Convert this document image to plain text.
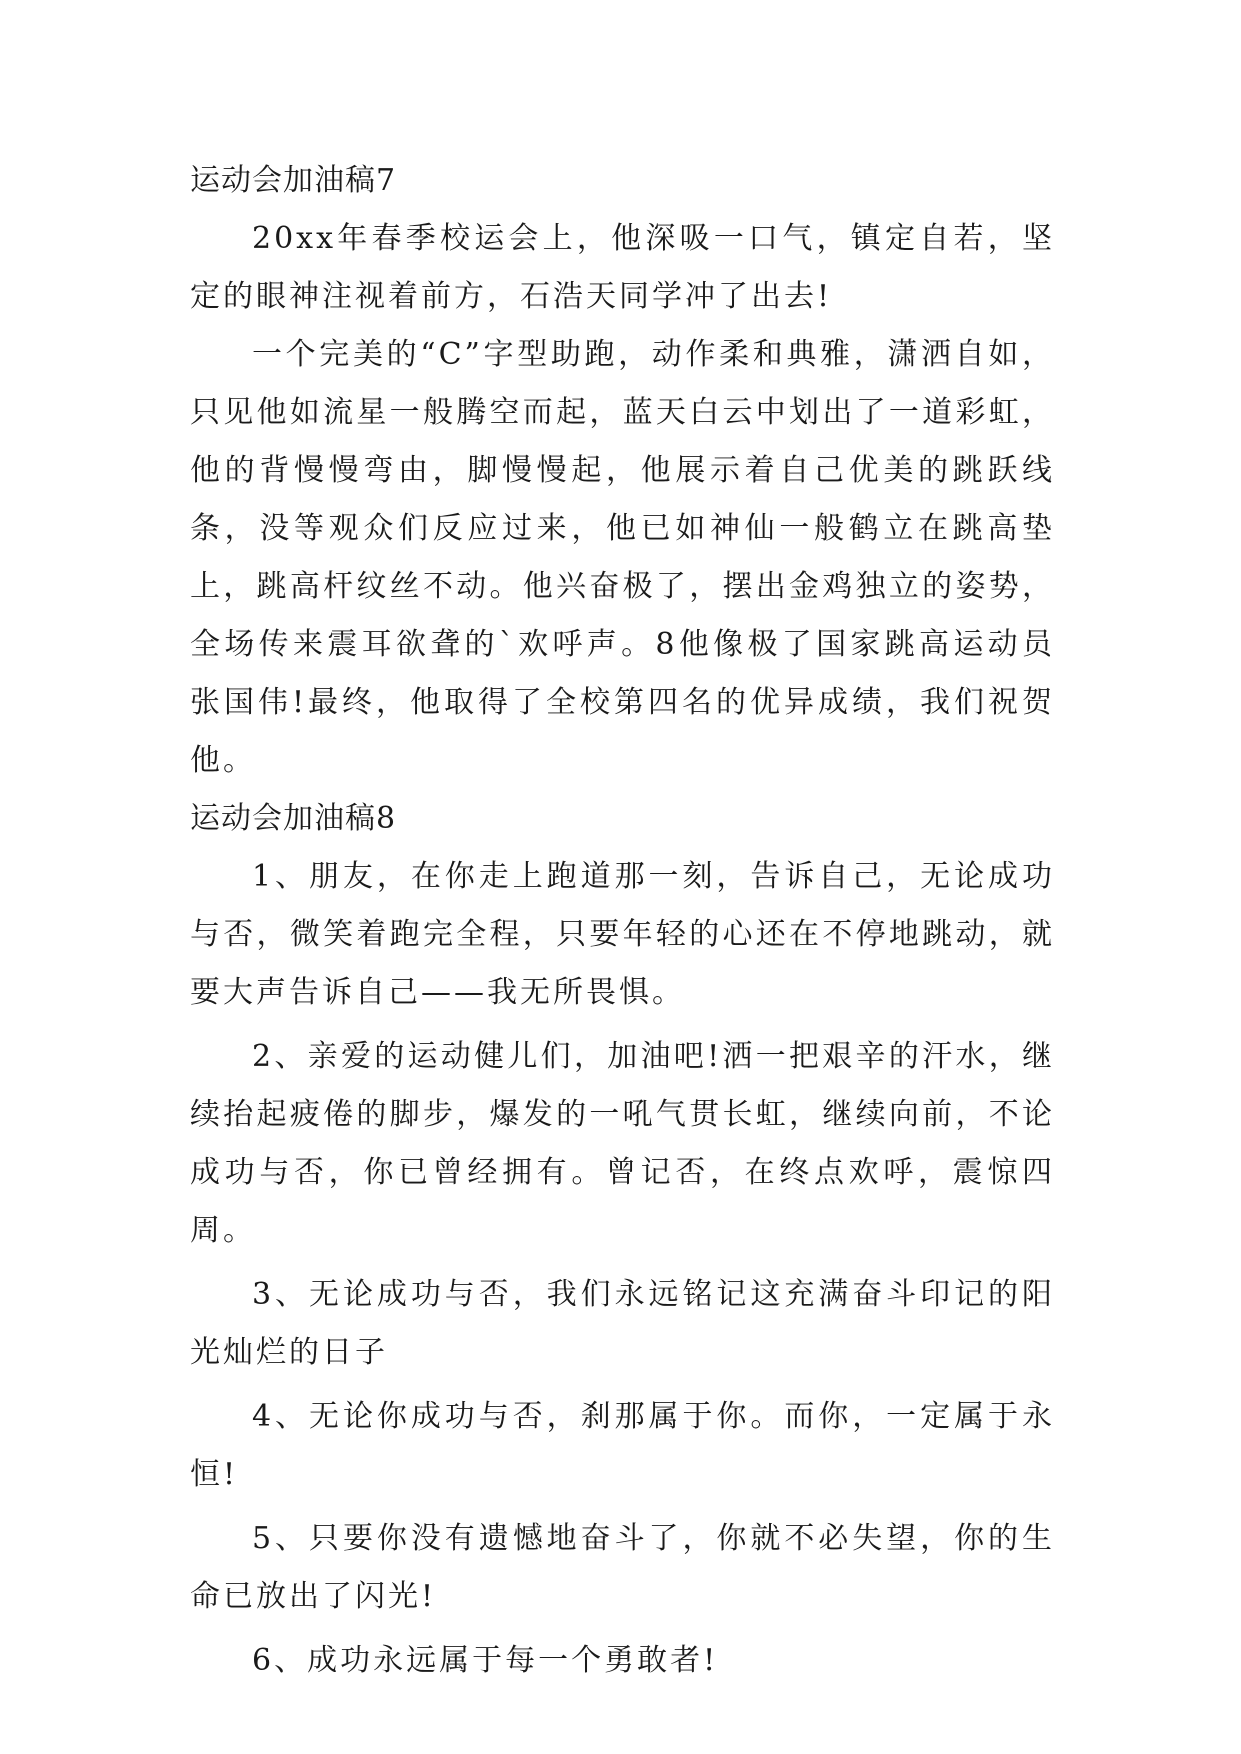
运动会加油稿7

20xx年春季校运会上，他深吸一口气，镇定自若，坚定的眼神注视着前方，石浩天同学冲了出去!

一个完美的“C”字型助跑，动作柔和典雅，潇洒自如，只见他如流星一般腾空而起，蓝天白云中划出了一道彩虹，他的背慢慢弯由，脚慢慢起，他展示着自己优美的跳跃线条，没等观众们反应过来，他已如神仙一般鹤立在跳高垫上，跳高杆纹丝不动。他兴奋极了，摆出金鸡独立的姿势，全场传来震耳欲聋的`欢呼声。8他像极了国家跳高运动员张国伟!最终，他取得了全校第四名的优异成绩，我们祝贺他。

运动会加油稿8

1、朋友，在你走上跑道那一刻，告诉自己，无论成功与否，微笑着跑完全程，只要年轻的心还在不停地跳动，就要大声告诉自己——我无所畏惧。

2、亲爱的运动健儿们，加油吧!洒一把艰辛的汗水，继续抬起疲倦的脚步，爆发的一吼气贯长虹，继续向前，不论成功与否，你已曾经拥有。曾记否，在终点欢呼，震惊四周。

3、无论成功与否，我们永远铭记这充满奋斗印记的阳光灿烂的日子

4、无论你成功与否，刹那属于你。而你，一定属于永恒!

5、只要你没有遗憾地奋斗了，你就不必失望，你的生命已放出了闪光!

6、成功永远属于每一个勇敢者!
